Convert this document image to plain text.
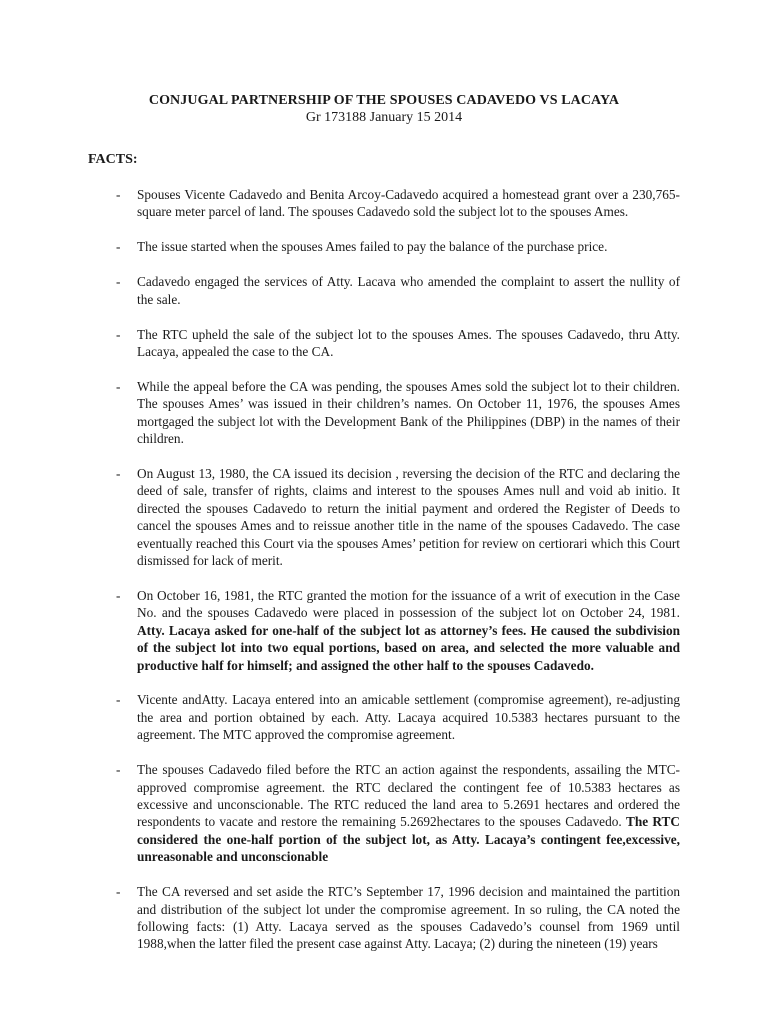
CONJUGAL PARTNERSHIP OF THE SPOUSES CADAVEDO VS LACAYA

Gr 173188 January 15 2014

FACTS:
-	Spouses Vicente Cadavedo and Benita Arcoy-Cadavedo acquired a homestead grant over a 230,765-square meter parcel of land. The spouses Cadavedo sold the subject lot to the spouses Ames.
-	The issue started when the spouses Ames failed to pay the balance of the purchase price.
-	Cadavedo engaged the services of Atty. Lacava who amended the complaint to assert the nullity of the sale.
-	The RTC upheld the sale of the subject lot to the spouses Ames. The spouses Cadavedo, thru Atty. Lacaya, appealed the case to the CA.
-	While the appeal before the CA was pending, the spouses Ames sold the subject lot to their children. The spouses Ames’ was issued in their children’s names. On October 11, 1976, the spouses Ames mortgaged the subject lot with the Development Bank of the Philippines (DBP) in the names of their children.
-	On August 13, 1980, the CA issued its decision , reversing the decision of the RTC and declaring the deed of sale, transfer of rights, claims and interest to the spouses Ames null and void ab initio. It directed the spouses Cadavedo to return the initial payment and ordered the Register of Deeds to cancel the spouses Ames and to reissue another title in the name of the spouses Cadavedo. The case eventually reached this Court via the spouses Ames’ petition for review on certiorari which this Court dismissed for lack of merit.
-	On October 16, 1981, the RTC granted the motion for the issuance of a writ of execution in the Case No. and the spouses Cadavedo were placed in possession of the subject lot on October 24, 1981. Atty. Lacaya asked for one-half of the subject lot as attorney’s fees. He caused the subdivision of the subject lot into two equal portions, based on area, and selected the more valuable and productive half for himself; and assigned the other half to the spouses Cadavedo.
-	Vicente andAtty. Lacaya entered into an amicable settlement (compromise agreement), re-adjusting the area and portion obtained by each. Atty. Lacaya acquired 10.5383 hectares pursuant to the agreement. The MTC approved the compromise agreement.
-	The spouses Cadavedo filed before the RTC an action against the respondents, assailing the MTC-approved compromise agreement. the RTC declared the contingent fee of 10.5383 hectares as excessive and unconscionable. The RTC reduced the land area to 5.2691 hectares and ordered the respondents to vacate and restore the remaining 5.2692hectares to the spouses Cadavedo. The RTC considered the one-half portion of the subject lot, as Atty. Lacaya’s contingent fee,excessive, unreasonable and unconscionable
-	The CA reversed and set aside the RTC’s September 17, 1996 decision and maintained the partition and distribution of the subject lot under the compromise agreement. In so ruling, the CA noted the following facts: (1) Atty. Lacaya served as the spouses Cadavedo’s counsel from 1969 until 1988,when the latter filed the present case against Atty. Lacaya; (2) during the nineteen (19) years
